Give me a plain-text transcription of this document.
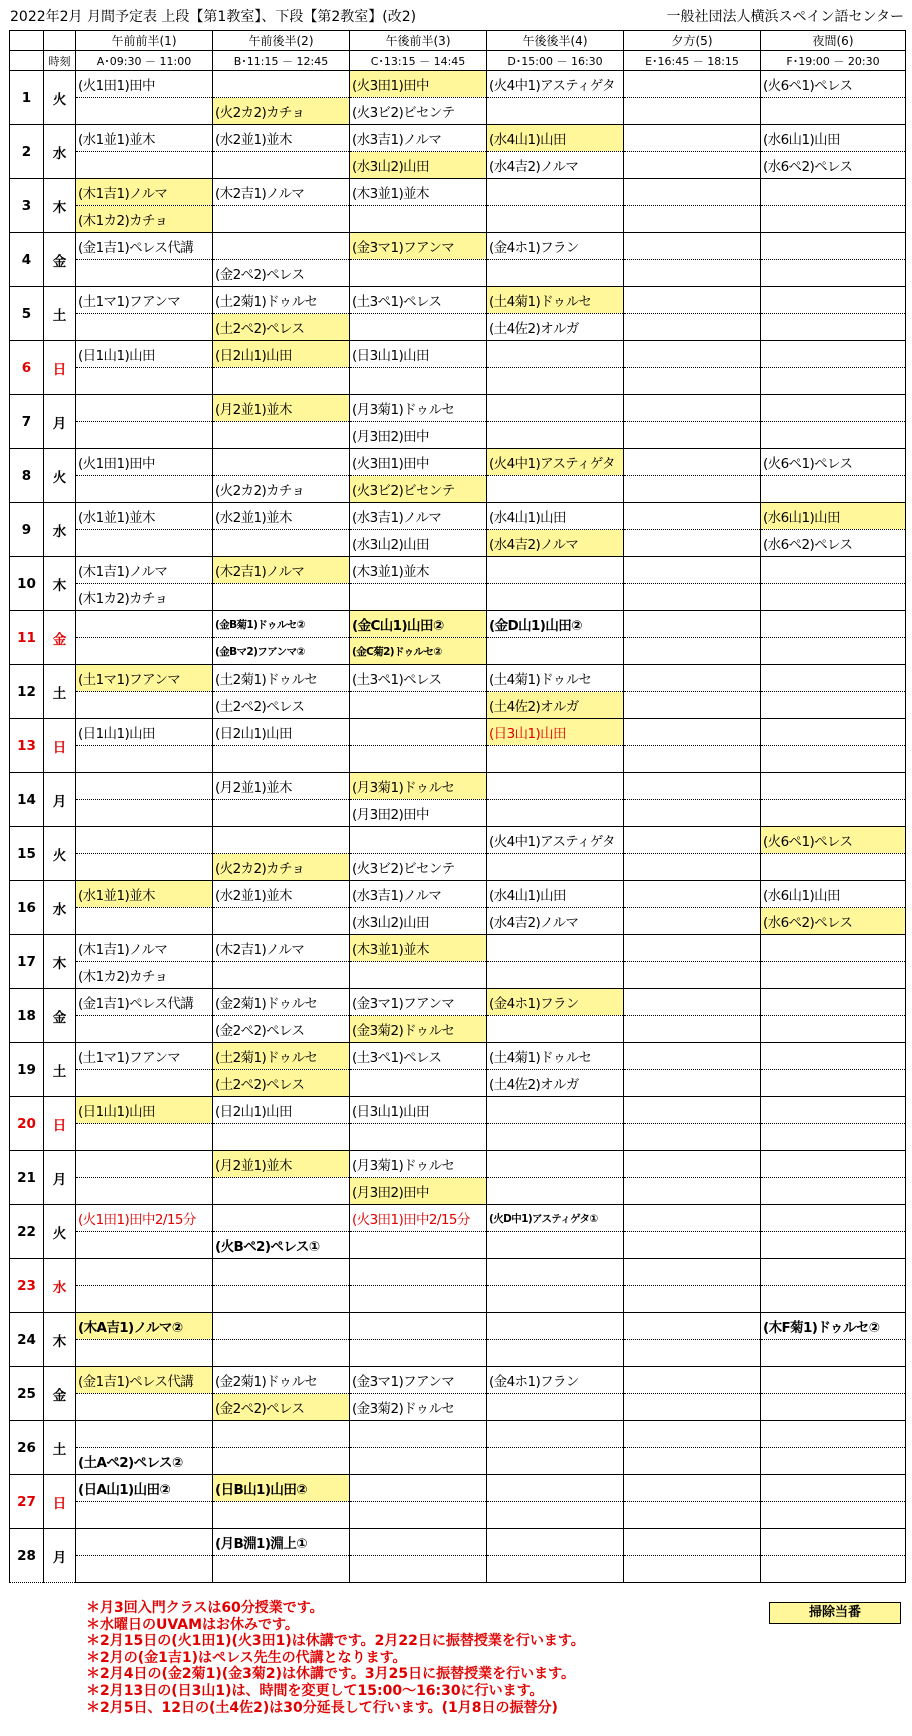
2022年2月 月間予定表 上段【第1教室】、下段【第2教室】(改2)	一般社団法人横浜スペイン語センター
		午前前半(1)	午前後半(2)	午後前半(3)	午後後半(4)	夕方(5)	夜間(6)
	時刻	A･09:30 － 11:00	B･11:15 － 12:45	C･13:15 － 14:45	D･15:00 － 16:30	E･16:45 － 18:15	F･19:00 － 20:30
1	火	(火1田1)田中		(火3田1)田中	(火4中1)アスティゲタ		(火6ペ1)ペレス
			(火2カ2)カチョ	(火3ビ2)ビセンテ			
2	水	(水1並1)並木	(水2並1)並木	(水3吉1)ノルマ	(水4山1)山田		(水6山1)山田
				(水3山2)山田	(水4吉2)ノルマ		(水6ペ2)ペレス
3	木	(木1吉1)ノルマ	(木2吉1)ノルマ	(木3並1)並木			
		(木1カ2)カチョ					
4	金	(金1吉1)ペレス代講		(金3マ1)フアンマ	(金4ホ1)フラン		
			(金2ペ2)ペレス				
5	土	(土1マ1)フアンマ	(土2菊1)ドゥルセ	(土3ペ1)ペレス	(土4菊1)ドゥルセ		
			(土2ペ2)ペレス		(土4佐2)オルガ		
6	日	(日1山1)山田	(日2山1)山田	(日3山1)山田			

7	月		(月2並1)並木	(月3菊1)ドゥルセ			
				(月3田2)田中			
8	火	(火1田1)田中		(火3田1)田中	(火4中1)アスティゲタ		(火6ペ1)ペレス
			(火2カ2)カチョ	(火3ビ2)ビセンテ			
9	水	(水1並1)並木	(水2並1)並木	(水3吉1)ノルマ	(水4山1)山田		(水6山1)山田
				(水3山2)山田	(水4吉2)ノルマ		(水6ペ2)ペレス
10	木	(木1吉1)ノルマ	(木2吉1)ノルマ	(木3並1)並木			
		(木1カ2)カチョ					
11	金		(金B菊1)ドゥルセ②	(金C山1)山田②	(金D山1)山田②		
			(金Bマ2)フアンマ②	(金C菊2)ドゥルセ②			
12	土	(土1マ1)フアンマ	(土2菊1)ドゥルセ	(土3ペ1)ペレス	(土4菊1)ドゥルセ		
			(土2ペ2)ペレス		(土4佐2)オルガ		
13	日	(日1山1)山田	(日2山1)山田		(日3山1)山田		

14	月		(月2並1)並木	(月3菊1)ドゥルセ			
				(月3田2)田中			
15	火				(火4中1)アスティゲタ		(火6ペ1)ペレス
			(火2カ2)カチョ	(火3ビ2)ビセンテ			
16	水	(水1並1)並木	(水2並1)並木	(水3吉1)ノルマ	(水4山1)山田		(水6山1)山田
				(水3山2)山田	(水4吉2)ノルマ		(水6ペ2)ペレス
17	木	(木1吉1)ノルマ	(木2吉1)ノルマ	(木3並1)並木			
		(木1カ2)カチョ					
18	金	(金1吉1)ペレス代講	(金2菊1)ドゥルセ	(金3マ1)フアンマ	(金4ホ1)フラン		
			(金2ペ2)ペレス	(金3菊2)ドゥルセ			
19	土	(土1マ1)フアンマ	(土2菊1)ドゥルセ	(土3ペ1)ペレス	(土4菊1)ドゥルセ		
			(土2ペ2)ペレス		(土4佐2)オルガ		
20	日	(日1山1)山田	(日2山1)山田	(日3山1)山田			

21	月		(月2並1)並木	(月3菊1)ドゥルセ			
				(月3田2)田中			
22	火	(火1田1)田中2/15分		(火3田1)田中2/15分	(火D中1)アスティゲタ①		
			(火Bペ2)ペレス①				
23	水						

24	木	(木A吉1)ノルマ②					(木F菊1)ドゥルセ②

25	金	(金1吉1)ペレス代講	(金2菊1)ドゥルセ	(金3マ1)フアンマ	(金4ホ1)フラン		
			(金2ペ2)ペレス	(金3菊2)ドゥルセ			
26	土						
		(土Aペ2)ペレス②					
27	日	(日A山1)山田②	(日B山1)山田②				

28	月		(月B淵1)淵上①				

＊月3回入門クラスは60分授業です。
＊水曜日のUVAMはお休みです。
＊2月15日の(火1田1)(火3田1)は休講です。2月22日に振替授業を行います。
＊2月の(金1吉1)はペレス先生の代講となります。
＊2月4日の(金2菊1)(金3菊2)は休講です。3月25日に振替授業を行います。
＊2月13日の(日3山1)は、時間を変更して15:00～16:30に行います。
＊2月5日、12日の(土4佐2)は30分延長して行います。(1月8日の振替分)
掃除当番
